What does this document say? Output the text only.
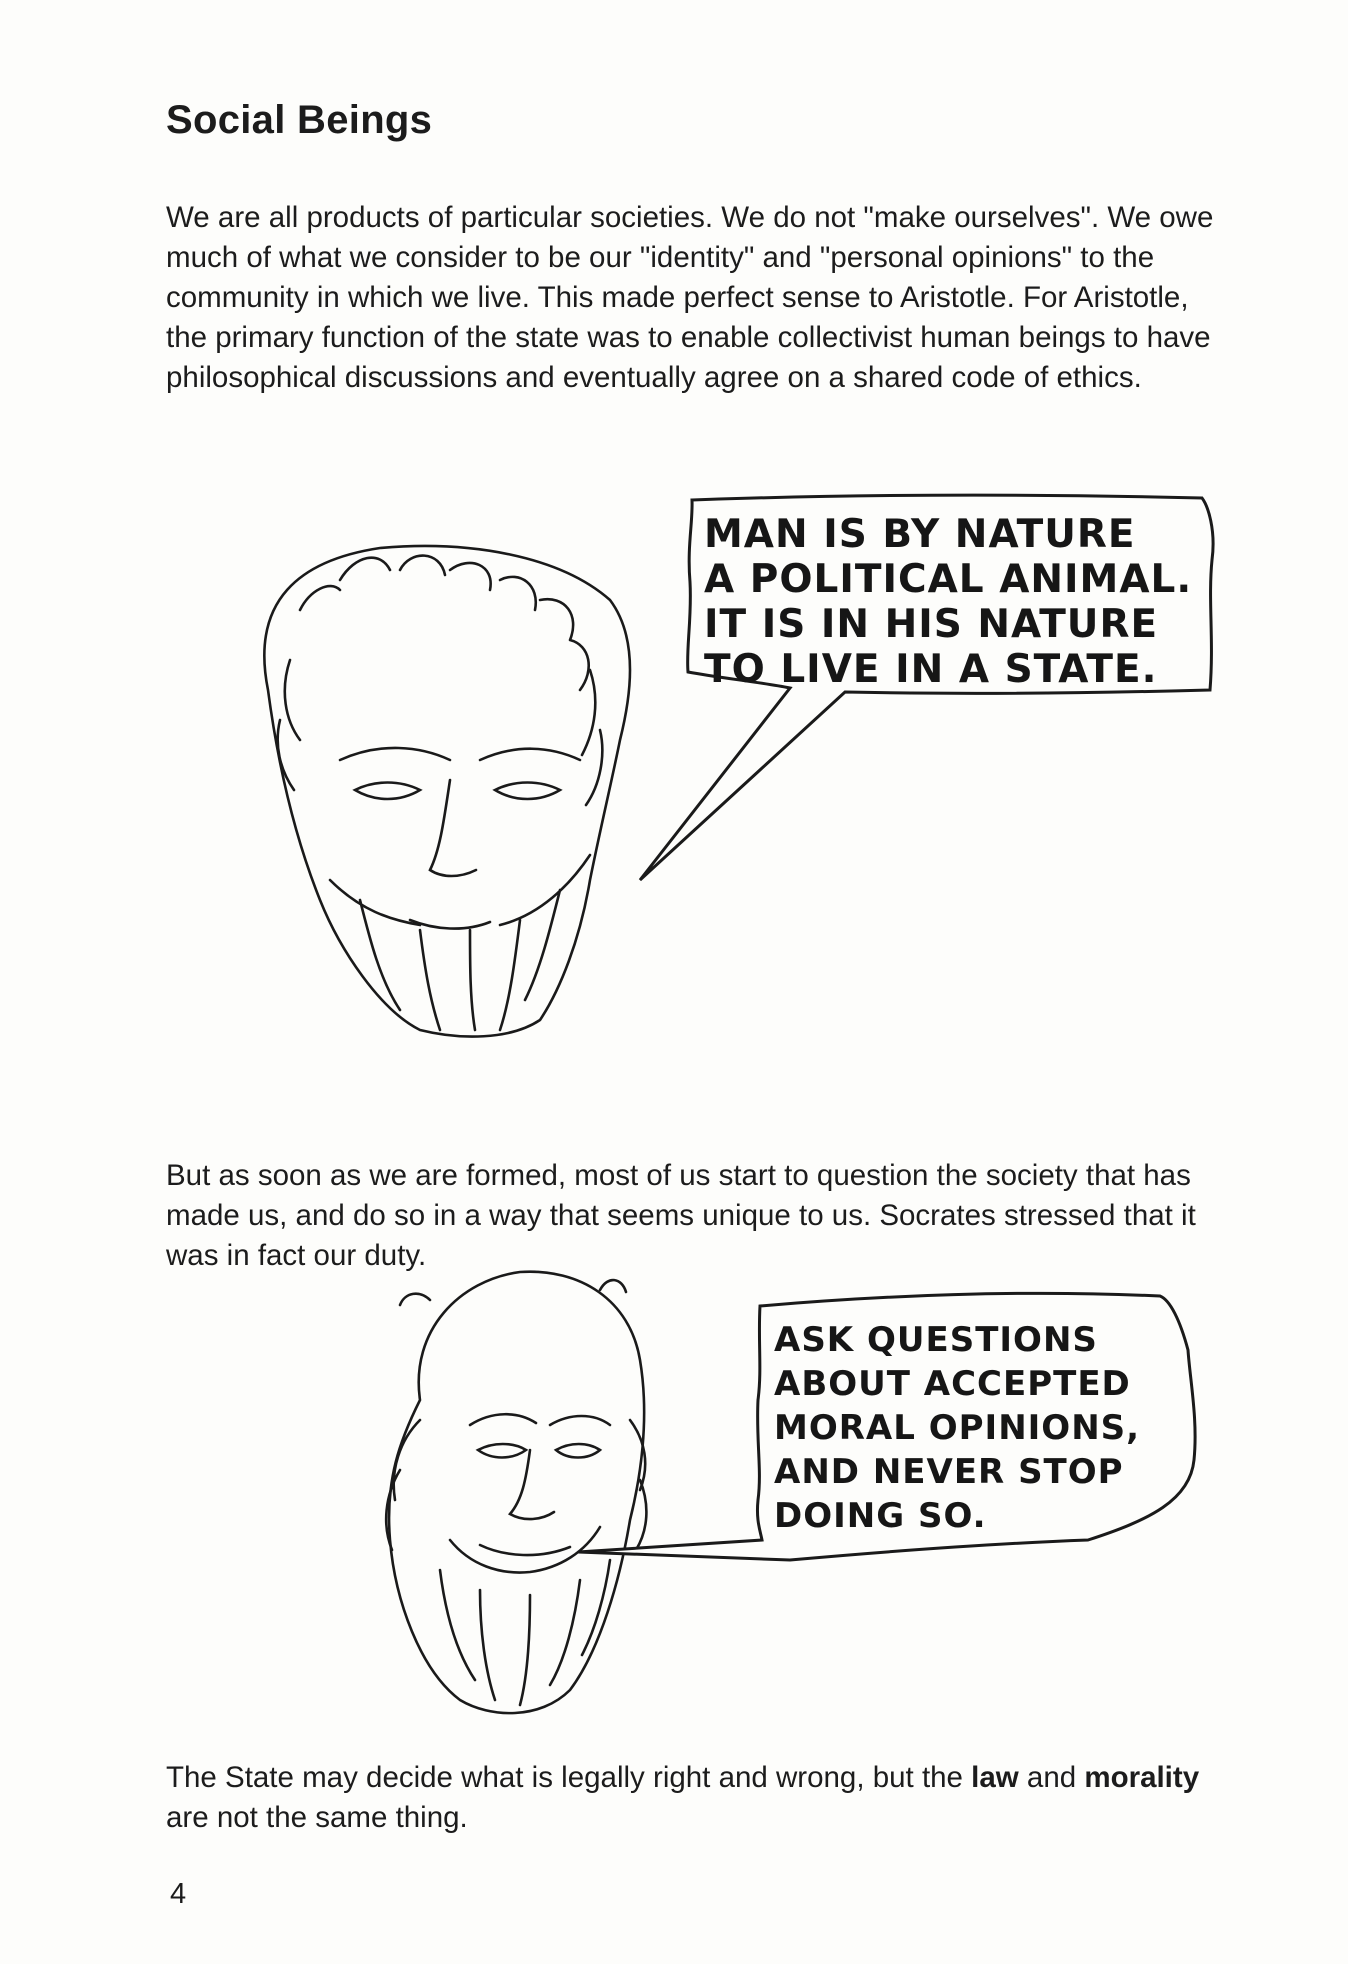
Social Beings

We are all products of particular societies. We do not "make ourselves". We owe much of what we consider to be our "identity" and "personal opinions" to the community in which we live. This made perfect sense to Aristotle. For Aristotle, the primary function of the state was to enable collectivist human beings to have philosophical discussions and eventually agree on a shared code of ethics.

MAN IS BY NATURE
A POLITICAL ANIMAL.
IT IS IN HIS NATURE
TO LIVE IN A STATE.

But as soon as we are formed, most of us start to question the society that has made us, and do so in a way that seems unique to us. Socrates stressed that it was in fact our duty.

ASK QUESTIONS
ABOUT ACCEPTED
MORAL OPINIONS,
AND NEVER STOP
DOING SO.

The State may decide what is legally right and wrong, but the law and morality are not the same thing.

4
